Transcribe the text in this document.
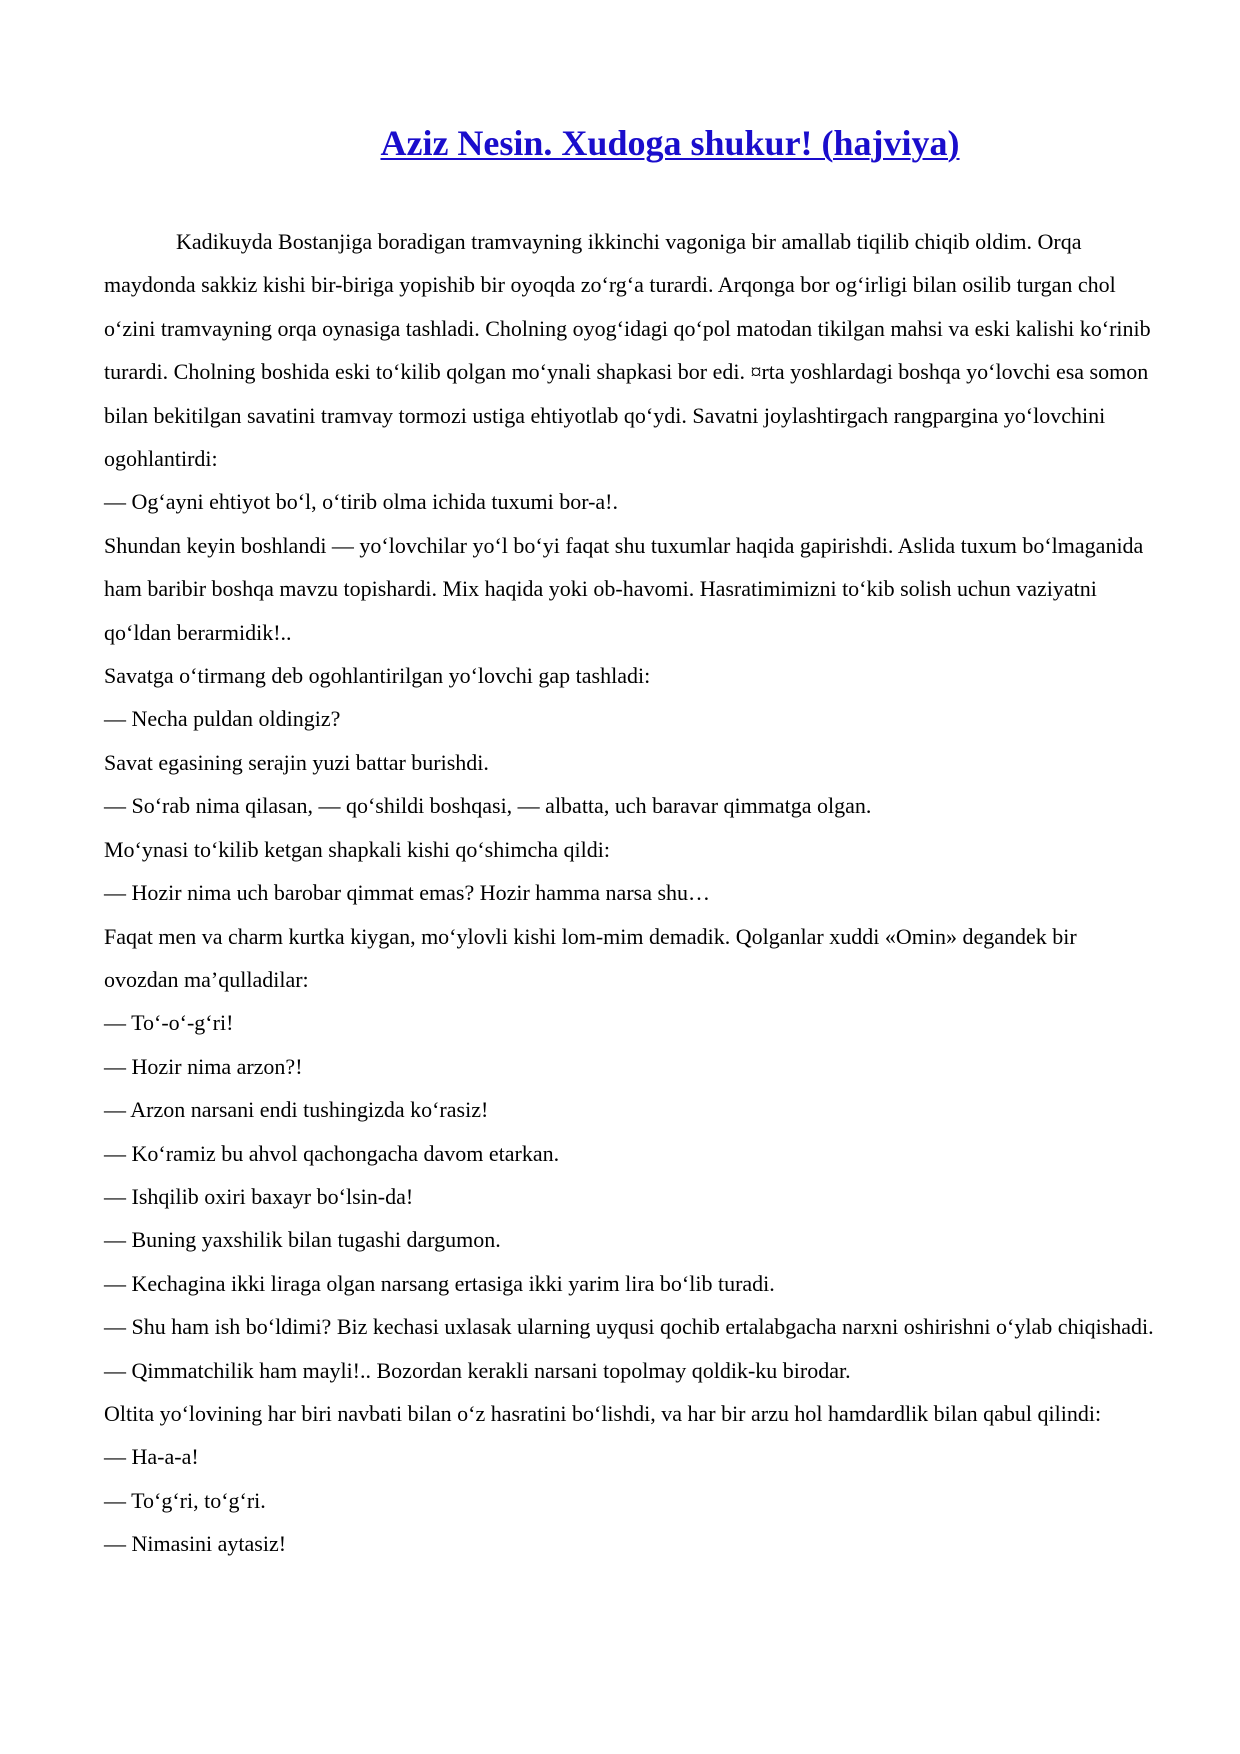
Aziz Nesin. Xudoga shukur! (hajviya)

Kadikuyda Bostanjiga boradigan tramvayning ikkinchi vagoniga bir amallab tiqilib chiqib oldim. Orqa maydonda sakkiz kishi bir-biriga yopishib bir oyoqda zo‘rg‘a turardi. Arqonga bor og‘irligi bilan osilib turgan chol o‘zini tramvayning orqa oynasiga tashladi. Cholning oyog‘idagi qo‘pol matodan tikilgan mahsi va eski kalishi ko‘rinib turardi. Cholning boshida eski to‘kilib qolgan mo‘ynali shapkasi bor edi. ¤rta yoshlardagi boshqa yo‘lovchi esa somon bilan bekitilgan savatini tramvay tormozi ustiga ehtiyotlab qo‘ydi. Savatni joylashtirgach rangpargina yo‘lovchini ogohlantirdi:

— Og‘ayni ehtiyot bo‘l, o‘tirib olma ichida tuxumi bor-a!.

Shundan keyin boshlandi — yo‘lovchilar yo‘l bo‘yi faqat shu tuxumlar haqida gapirishdi. Aslida tuxum bo‘lmaganida ham baribir boshqa mavzu topishardi. Mix haqida yoki ob-havomi. Hasratimimizni to‘kib solish uchun vaziyatni qo‘ldan berarmidik!..

Savatga o‘tirmang deb ogohlantirilgan yo‘lovchi gap tashladi:

— Necha puldan oldingiz?

Savat egasining serajin yuzi battar burishdi.

— So‘rab nima qilasan, — qo‘shildi boshqasi, — albatta, uch baravar qimmatga olgan.

Mo‘ynasi to‘kilib ketgan shapkali kishi qo‘shimcha qildi:

— Hozir nima uch barobar qimmat emas? Hozir hamma narsa shu…

Faqat men va charm kurtka kiygan, mo‘ylovli kishi lom-mim demadik. Qolganlar xuddi «Omin» degandek bir ovozdan ma’qulladilar:

— To‘-o‘-g‘ri!

— Hozir nima arzon?!

— Arzon narsani endi tushingizda ko‘rasiz!

— Ko‘ramiz bu ahvol qachongacha davom etarkan.

— Ishqilib oxiri baxayr bo‘lsin-da!

— Buning yaxshilik bilan tugashi dargumon.

— Kechagina ikki liraga olgan narsang ertasiga ikki yarim lira bo‘lib turadi.

— Shu ham ish bo‘ldimi? Biz kechasi uxlasak ularning uyqusi qochib ertalabgacha narxni oshirishni o‘ylab chiqishadi.

— Qimmatchilik ham mayli!.. Bozordan kerakli narsani topolmay qoldik-ku birodar.

Oltita yo‘lovining har biri navbati bilan o‘z hasratini bo‘lishdi, va har bir arzu hol hamdardlik bilan qabul qilindi:

— Ha-a-a!

— To‘g‘ri, to‘g‘ri.

— Nimasini aytasiz!
